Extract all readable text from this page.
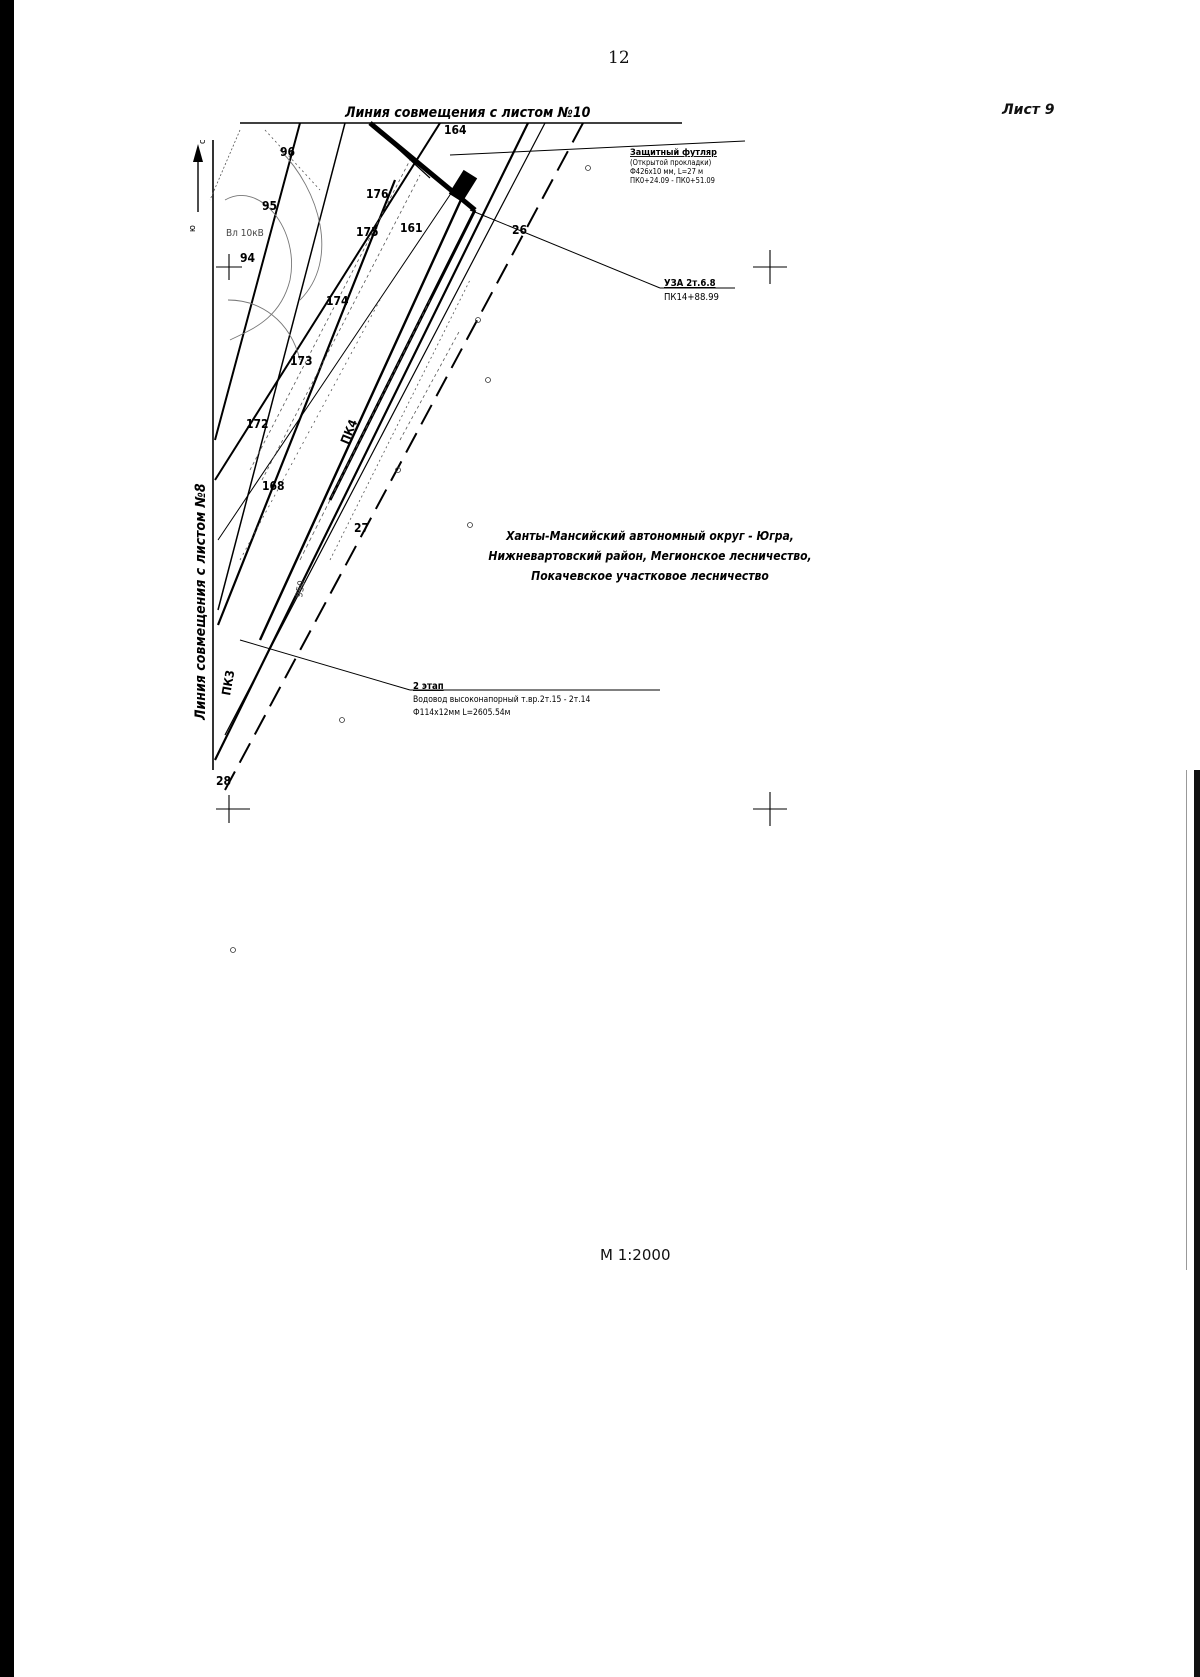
12
Лист 9
М 1:2000
Линия совмещения с листом №10
Линия совмещения с листом №8
ю
с
Защитный футляр
(Открытой прокладки)
Ф426х10 мм, L=27 м
ПК0+24.09 - ПК0+51.09
УЗА 2т.6.8
ПК14+88.99
2 этап
Водовод высоконапорный т.вр.2т.15 - 2т.14
Ф114х12мм L=2605.54м
Ханты-Мансийский автономный округ - Югра,
Нижневартовский район, Мегионское лесничество,
Покачевское участковое лесничество
96
95
94
164
176
175 161
174
173
172
168
26
27
28
ПК4
ПК3
Вл 10кВ
950
